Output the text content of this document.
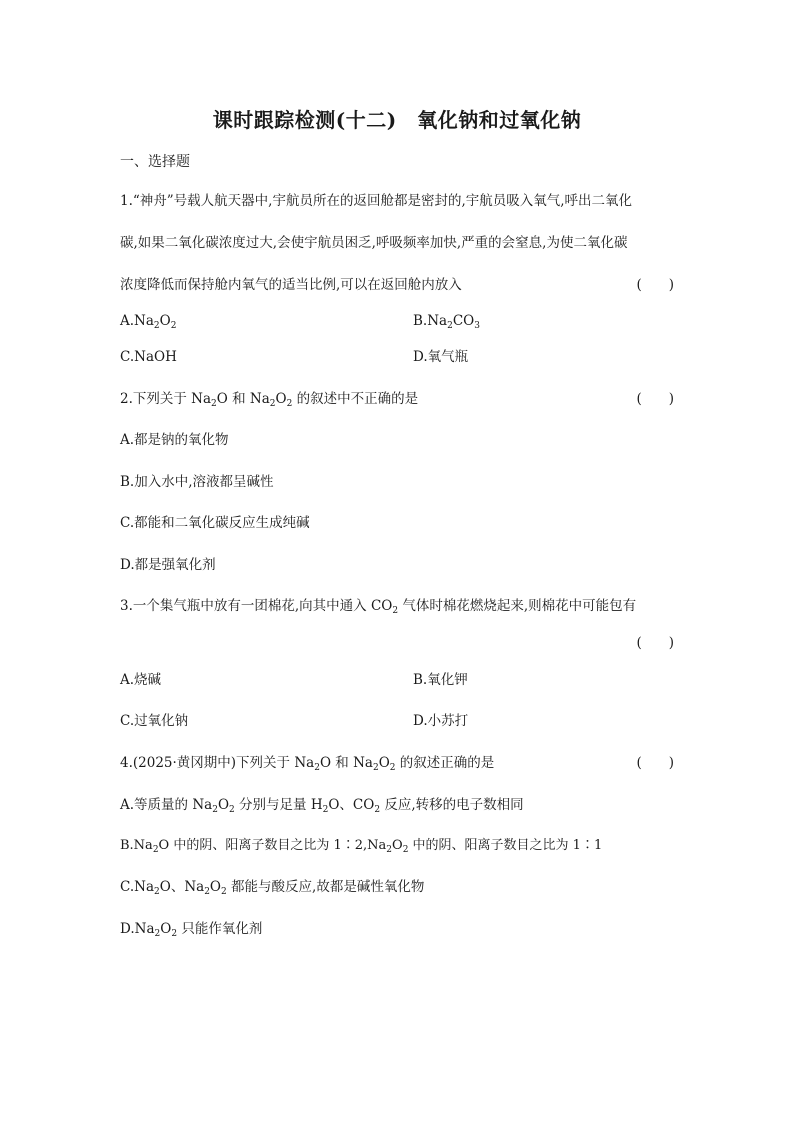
课时跟踪检测(十二)　氧化钠和过氧化钠
一、选择题
1.“神舟”号载人航天器中,宇航员所在的返回舱都是密封的,宇航员吸入氧气,呼出二氧化
碳,如果二氧化碳浓度过大,会使宇航员困乏,呼吸频率加快,严重的会窒息,为使二氧化碳
浓度降低而保持舱内氧气的适当比例,可以在返回舱内放入	(　　)
$A.Na_2O_2$	$B.Na_2CO_3$
C.NaOH	D.氧气瓶
2.下列关于 $Na_2O$ 和 $Na_2O_2$ 的叙述中不正确的是	(　　)
A.都是钠的氧化物
B.加入水中,溶液都呈碱性
C.都能和二氧化碳反应生成纯碱
D.都是强氧化剂
3.一个集气瓶中放有一团棉花,向其中通入 $CO_2$ 气体时棉花燃烧起来,则棉花中可能包有
(　　)
A.烧碱	B.氧化钾
C.过氧化钠	D.小苏打
4.(2025·黄冈期中)下列关于 $Na_2O$ 和 $Na_2O_2$ 的叙述正确的是	(　　)
A.等质量的 $Na_2O_2$ 分别与足量 $H_2O$、$CO_2$ 反应,转移的电子数相同
$B.Na_2O$ 中的阴、阳离子数目之比为 $1∶2,Na_2O_2$ 中的阴、阳离子数目之比为 1∶1
$C.Na_2O$、$Na_2O_2$ 都能与酸反应,故都是碱性氧化物
$D.Na_2O_2$ 只能作氧化剂
